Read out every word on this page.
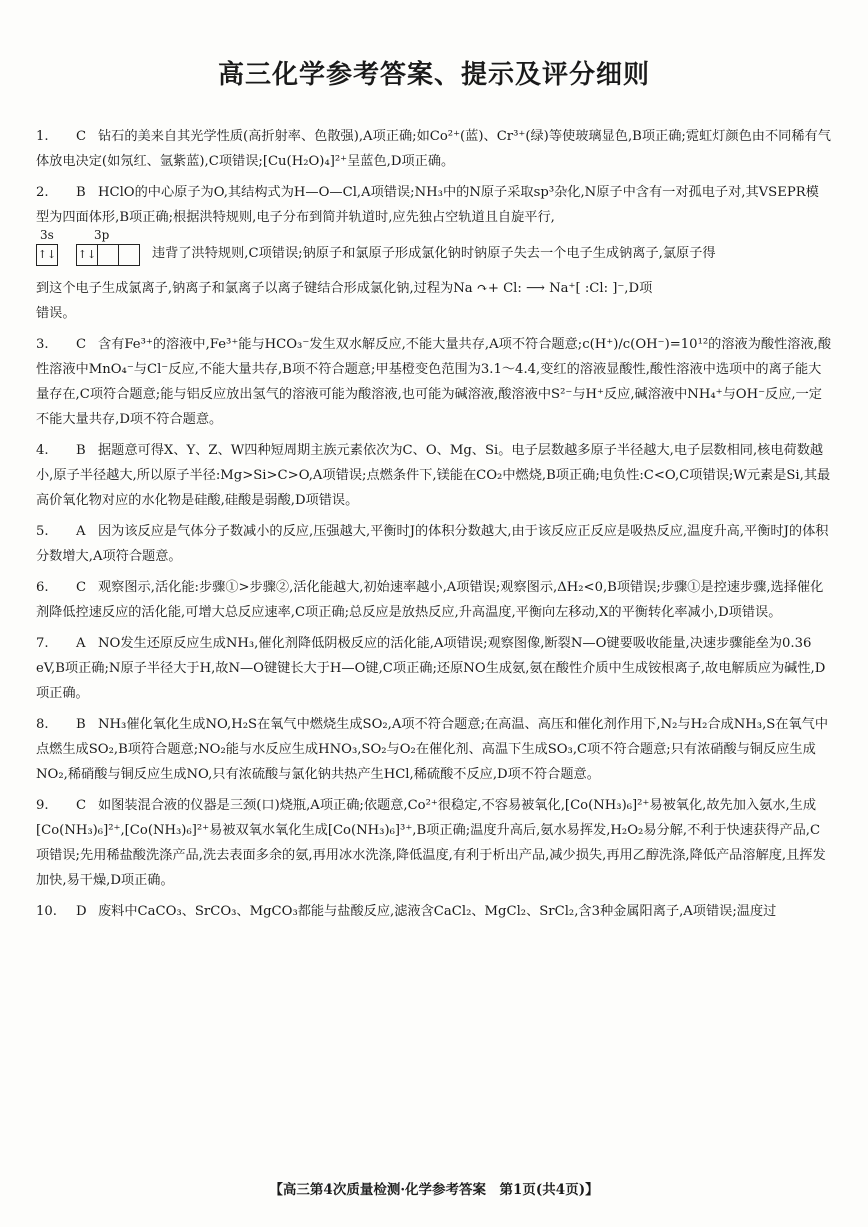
高三化学参考答案、提示及评分细则
1. C 钻石的美来自其光学性质(高折射率、色散强),A项正确;如Co²⁺(蓝)、Cr³⁺(绿)等使玻璃显色,B项正确;霓虹灯颜色由不同稀有气体放电决定(如氖红、氩紫蓝),C项错误;[Cu(H₂O)₄]²⁺呈蓝色,D项正确。
2. B HClO的中心原子为O,其结构式为H—O—Cl,A项错误;NH₃中的N原子采取sp³杂化,N原子中含有一对孤电子对,其VSEPR模型为四面体形,B项正确;根据洪特规则,电子分布到简并轨道时,应先独占空轨道且自旋平行,
3s	3p
↑↓ ↑↓	违背了洪特规则,C项错误;钠原子和氯原子形成氯化钠时钠原子失去一个电子生成钠离子,氯原子得
到这个电子生成氯离子,钠离子和氯离子以离子键结合形成氯化钠,过程为Na ↷+ Cl: ⟶ Na⁺[ :Cl: ]⁻,D项
错误。
3. C 含有Fe³⁺的溶液中,Fe³⁺能与HCO₃⁻发生双水解反应,不能大量共存,A项不符合题意;c(H⁺)/c(OH⁻)=10¹²的溶液为酸性溶液,酸性溶液中MnO₄⁻与Cl⁻反应,不能大量共存,B项不符合题意;甲基橙变色范围为3.1～4.4,变红的溶液显酸性,酸性溶液中选项中的离子能大量存在,C项符合题意;能与铝反应放出氢气的溶液可能为酸溶液,也可能为碱溶液,酸溶液中S²⁻与H⁺反应,碱溶液中NH₄⁺与OH⁻反应,一定不能大量共存,D项不符合题意。
4. B 据题意可得X、Y、Z、W四种短周期主族元素依次为C、O、Mg、Si。电子层数越多原子半径越大,电子层数相同,核电荷数越小,原子半径越大,所以原子半径:Mg>Si>C>O,A项错误;点燃条件下,镁能在CO₂中燃烧,B项正确;电负性:C<O,C项错误;W元素是Si,其最高价氧化物对应的水化物是硅酸,硅酸是弱酸,D项错误。
5. A 因为该反应是气体分子数减小的反应,压强越大,平衡时J的体积分数越大,由于该反应正反应是吸热反应,温度升高,平衡时J的体积分数增大,A项符合题意。
6. C 观察图示,活化能:步骤①>步骤②,活化能越大,初始速率越小,A项错误;观察图示,ΔH₂<0,B项错误;步骤①是控速步骤,选择催化剂降低控速反应的活化能,可增大总反应速率,C项正确;总反应是放热反应,升高温度,平衡向左移动,X的平衡转化率减小,D项错误。
7. A NO发生还原反应生成NH₃,催化剂降低阴极反应的活化能,A项错误;观察图像,断裂N—O键要吸收能量,决速步骤能垒为0.36 eV,B项正确;N原子半径大于H,故N—O键键长大于H—O键,C项正确;还原NO生成氨,氨在酸性介质中生成铵根离子,故电解质应为碱性,D项正确。
8. B NH₃催化氧化生成NO,H₂S在氧气中燃烧生成SO₂,A项不符合题意;在高温、高压和催化剂作用下,N₂与H₂合成NH₃,S在氧气中点燃生成SO₂,B项符合题意;NO₂能与水反应生成HNO₃,SO₂与O₂在催化剂、高温下生成SO₃,C项不符合题意;只有浓硝酸与铜反应生成NO₂,稀硝酸与铜反应生成NO,只有浓硫酸与氯化钠共热产生HCl,稀硫酸不反应,D项不符合题意。
9. C 如图装混合液的仪器是三颈(口)烧瓶,A项正确;依题意,Co²⁺很稳定,不容易被氧化,[Co(NH₃)₆]²⁺易被氧化,故先加入氨水,生成[Co(NH₃)₆]²⁺,[Co(NH₃)₆]²⁺易被双氧水氧化生成[Co(NH₃)₆]³⁺,B项正确;温度升高后,氨水易挥发,H₂O₂易分解,不利于快速获得产品,C项错误;先用稀盐酸洗涤产品,洗去表面多余的氨,再用冰水洗涤,降低温度,有利于析出产品,减少损失,再用乙醇洗涤,降低产品溶解度,且挥发加快,易干燥,D项正确。
10. D 废料中CaCO₃、SrCO₃、MgCO₃都能与盐酸反应,滤液含CaCl₂、MgCl₂、SrCl₂,含3种金属阳离子,A项错误;温度过
【高三第4次质量检测·化学参考答案　第1页(共4页)】
